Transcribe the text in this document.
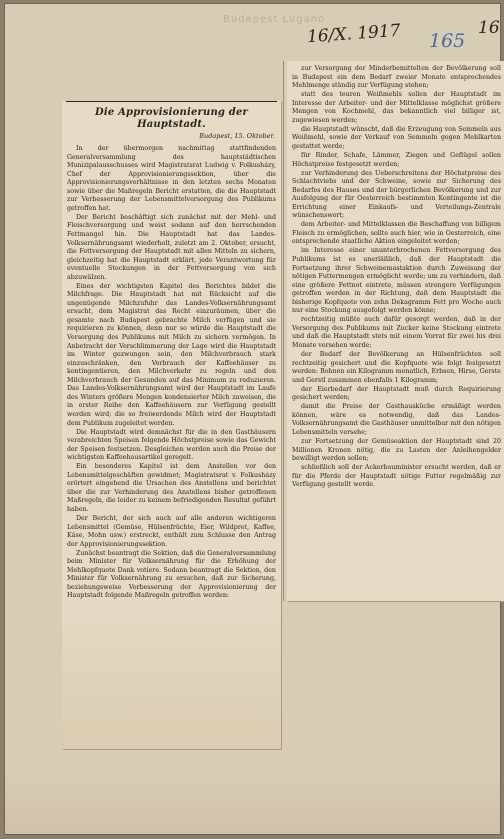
Budapest Lugano
16/X. 1917 165
16
Die Approvisionierung der Hauptstadt.
Budapest, 15. Oktober.

In der übermorgen nachmittag stattfindenden Generalversammlung des hauptstädtischen Munizipalausschusses wird Magistratsrat Ludwig v. Folkusházy, Chef der Approvisionierungssektion, über die Approvisionierungsverhältnisse in den letzten sechs Monaten sowie über die Maßregeln Bericht erstatten, die die Hauptstadt zur Verbesserung der Lebensmittelversorgung des Publikums getroffen hat.

Der Bericht beschäftigt sich zunächst mit der Mehl- und Fleischversorgung und weist sodann auf den herrschenden Fettmangel hin. Die Hauptstadt hat das Landes-Volksernährungsamt wiederholt, zuletzt am 2. Oktober, ersucht, die Fettversorgung der Hauptstadt mit allen Mitteln zu sichern, gleichzeitig hat die Hauptstadt erklärt, jede Verantwortung für eventuelle Stockungen in der Fettversorgung von sich abzuwälzen.

Eines der wichtigsten Kapitel des Berichtes bildet die Milchfrage. Die Hauptstadt hat mit Rücksicht auf die ungenügende Milchzufuhr das Landes-Volksernährungsamt ersucht, dem Magistrat das Recht einzuräumen, über die gesamte nach Budapest gebrachte Milch verfügen und sie requirieren zu können, denn nur so würde die Hauptstadt die Versorgung des Publikums mit Milch zu sichern vermögen. In Anbetracht der Verschlimmerung der Lage wird die Hauptstadt im Winter gezwungen sein, den Milchverbrauch stark einzuschränken, den Verbrauch der Kaffeehäuser zu kontingentieren, den Milchverkehr zu regeln und den Milchverbrauch der Gesunden auf das Minimum zu reduzieren. Das Landes-Volksernährungsamt wird der Hauptstadt im Laufe des Winters größere Mengen kondensierter Milch zuweisen, die in erster Reihe den Kaffeehäusern zur Verfügung gestellt werden wird; die so freiwerdende Milch wird der Hauptstadt dem Publikum zugeleitet werden.

Die Hauptstadt wird demnächst für die in den Gasthäusern verabreichten Speisen folgende Höchstpreise sowie das Gewicht der Speisen festsetzen. Desgleichen werden auch die Preise der wichtigsten Kaffeehausartikel geregelt.

Ein besonderes Kapitel ist dem Anstellen vor den Lebensmittelgeschäften gewidmet; Magistratsrat v. Folkusházy erörtert eingehend die Ursachen des Anstellens und berichtet über die zur Verhinderung des Anstellens bisher getroffenen Maßregeln, die leider zu keinem befriedigenden Resultat geführt haben.

Der Bericht, der sich auch auf alle anderen wichtigeren Lebensmittel (Gemüse, Hülsenfrüchte, Eier, Wildpret, Kaffee, Käse, Mohn usw.) erstreckt, enthält zum Schlusse den Antrag der Approvisionierungssektion.

Zunächst beantragt die Sektion, daß die Generalversammlung beim Minister für Volksernährung für die Erhöhung der Mehlkopfquote Dank votiere. Sodann beantragt die Sektion, den Minister für Volksernährung zu ersuchen, daß zur Sicherung, beziehungsweise Verbesserung der Approvisionierung der Hauptstadt folgende Maßregeln getroffen werden:

zur Versorgung der Minderbemittelten der Bevölkerung soll in Budapest ein dem Bedarf zweier Monate entsprechendes Mehlmenge ständig zur Verfügung stehen;

statt des teuren Weißmehls sollen der Hauptstadt im Interesse der Arbeiter- und der Mittelklasse möglichst größere Mengen von Kochmehl, das bekanntlich viel billiger ist, zugewiesen werden;

die Hauptstadt wünscht, daß die Erzeugung von Semmeln aus Weißmehl, sowie der Verkauf von Semmeln gegen Mehlkarten gestattet werde;

für Rinder, Schafe, Lämmer, Ziegen und Geflügel sollen Höchstpreise festgesetzt werden;

zur Verhinderung des Ueberschreitens der Höchstpreise des Schlachtviehs und der Schweine, sowie zur Sicherung des Bedarfes des Hauses und der bürgerlichen Bevölkerung und zur Ausfolgung der für Oesterreich bestimmten Kontingente ist die Errichtung einer Einkaufs- und Verteilungs-Zentrale wünschenswert;

dem Arbeiter- und Mittelklassen die Beschaffung von billigem Fleisch zu ermöglichen, sollte auch hier, wie in Oesterreich, eine entsprechende staatliche Aktion eingeleitet werden;

im Interesse einer ununterbrochenen Fettversorgung des Publikums ist es unerläßlich, daß der Hauptstadt die Fortsetzung ihrer Schweinemastaktion durch Zuweisung der nötigen Futtermengen ermöglicht werde; um zu verhindern, daß eine größere Fettnot eintrete, müssen strengere Verfügungen getroffen werden in der Richtung, daß dem Hauptstadt die bisherige Kopfquote von zehn Dekagramm Fett pro Woche auch nur eine Stockung ausgefolgt werden könne;

rechtzeitig müßte auch dafür gesorgt werden, daß in der Versorgung des Publikums mit Zucker keine Stockung eintrete und daß die Hauptstadt stets mit einem Vorrat für zwei bis drei Monate versehen werde;

der Bedarf der Bevölkerung an Hülsenfrüchten soll rechtzeitig gesichert und die Kopfquote wie folgt festgesetzt werden: Bohnen ein Kilogramm monatlich, Erbsen, Hirse, Gerste und Gerstl zusammen ebenfalls 1 Kilogramm;

der Eierbedarf der Hauptstadt muß durch Requirierung gesichert werden;

damit die Preise der Gasthausküche ermäßigt werden können, wäre es notwendig, daß das Landes-Volksernährungsamt die Gasthäuser unmittelbar mit den nötigen Lebensmitteln versehe;

zur Fortsetzung der Gemüseaktion der Hauptstadt sind 20 Millionen Kronen nötig, die zu Lasten der Anleihengelder bewilligt werden sollen;

schließlich soll der Ackerbauminister ersucht werden, daß er für die Pferde der Hauptstadt nötige Futter regelmäßig zur Verfügung gestellt werde.
